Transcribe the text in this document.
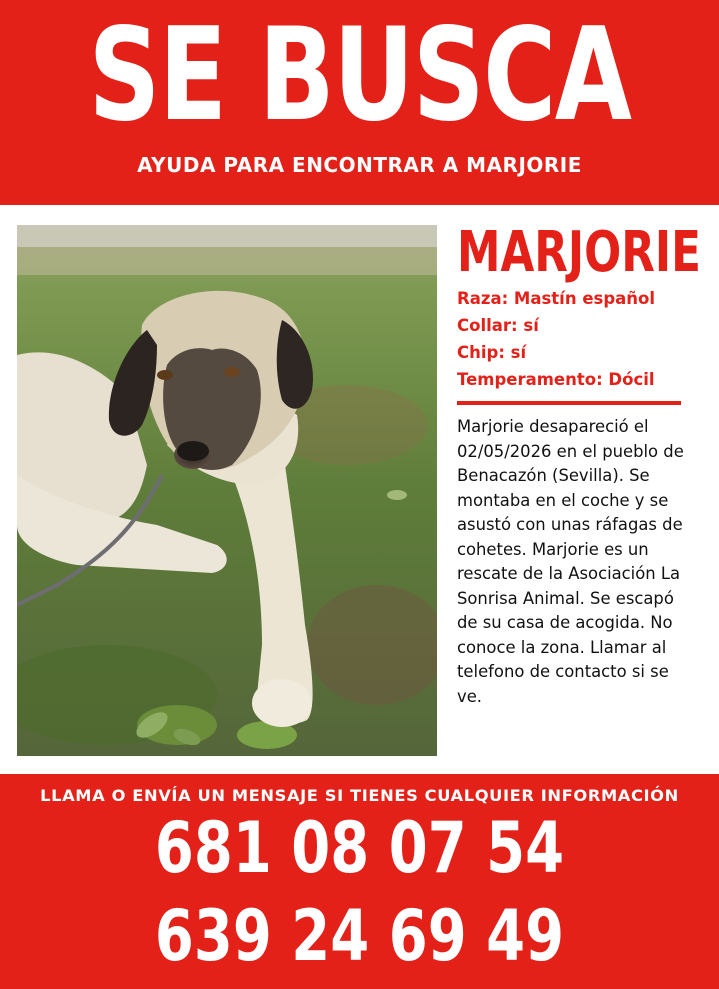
SE BUSCA
AYUDA PARA ENCONTRAR A MARJORIE
MARJORIE
Raza: Mastín español
Collar: sí
Chip: sí
Temperamento: Dócil
Marjorie desapareció el 02/05/2026 en el pueblo de Benacazón (Sevilla). Se montaba en el coche y se asustó con unas ráfagas de cohetes. Marjorie es un rescate de la Asociación La Sonrisa Animal. Se escapó de su casa de acogida. No conoce la zona. Llamar al telefono de contacto si se ve.
LLAMA O ENVÍA UN MENSAJE SI TIENES CUALQUIER INFORMACIÓN
681 08 07 54
639 24 69 49
